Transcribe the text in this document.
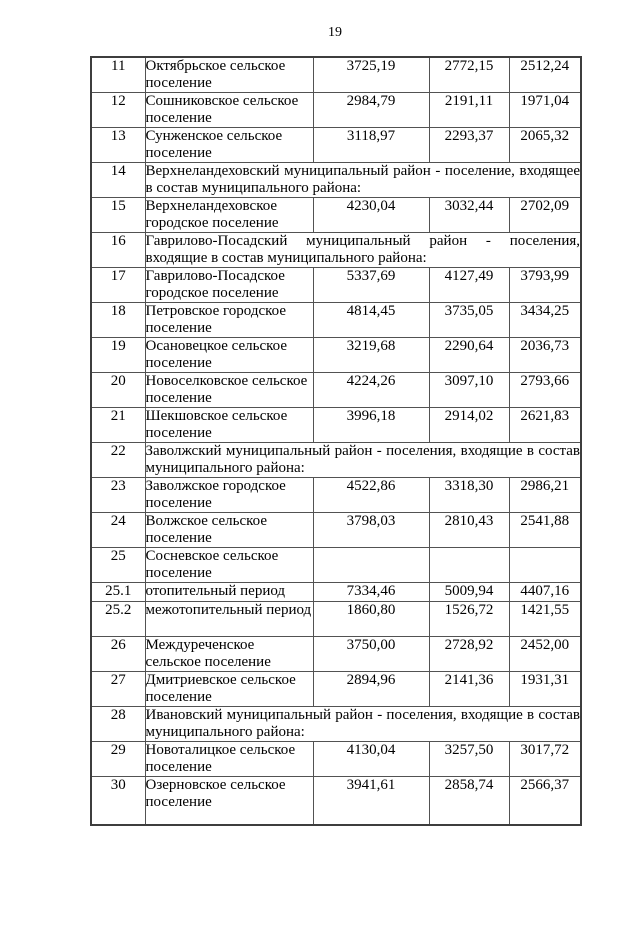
19
11	Октябрьское сельское поселение	3725,19	2772,15	2512,24
12	Сошниковское сельское поселение	2984,79	2191,11	1971,04
13	Сунженское сельское поселение	3118,97	2293,37	2065,32
14	Верхнеландеховский муниципальный район - поселение, входящее в состав муниципального района:			
15	Верхнеландеховское городское поселение	4230,04	3032,44	2702,09
16	Гаврилово-Посадский муниципальный район - поселения, входящие в состав муниципального района:			
17	Гаврилово-Посадское городское поселение	5337,69	4127,49	3793,99
18	Петровское городское поселение	4814,45	3735,05	3434,25
19	Осановецкое сельское поселение	3219,68	2290,64	2036,73
20	Новоселковское сельское поселение	4224,26	3097,10	2793,66
21	Шекшовское сельское поселение	3996,18	2914,02	2621,83
22	Заволжский муниципальный район - поселения, входящие в состав муниципального района:			
23	Заволжское городское поселение	4522,86	3318,30	2986,21
24	Волжское сельское поселение	3798,03	2810,43	2541,88
25	Сосневское сельское поселение			
25.1	отопительный период	7334,46	5009,94	4407,16
25.2	межотопительный период	1860,80	1526,72	1421,55
26	Междуреченское сельское поселение	3750,00	2728,92	2452,00
27	Дмитриевское сельское поселение	2894,96	2141,36	1931,31
28	Ивановский муниципальный район - поселения, входящие в состав муниципального района:			
29	Новоталицкое сельское поселение	4130,04	3257,50	3017,72
30	Озерновское сельское поселение	3941,61	2858,74	2566,37
